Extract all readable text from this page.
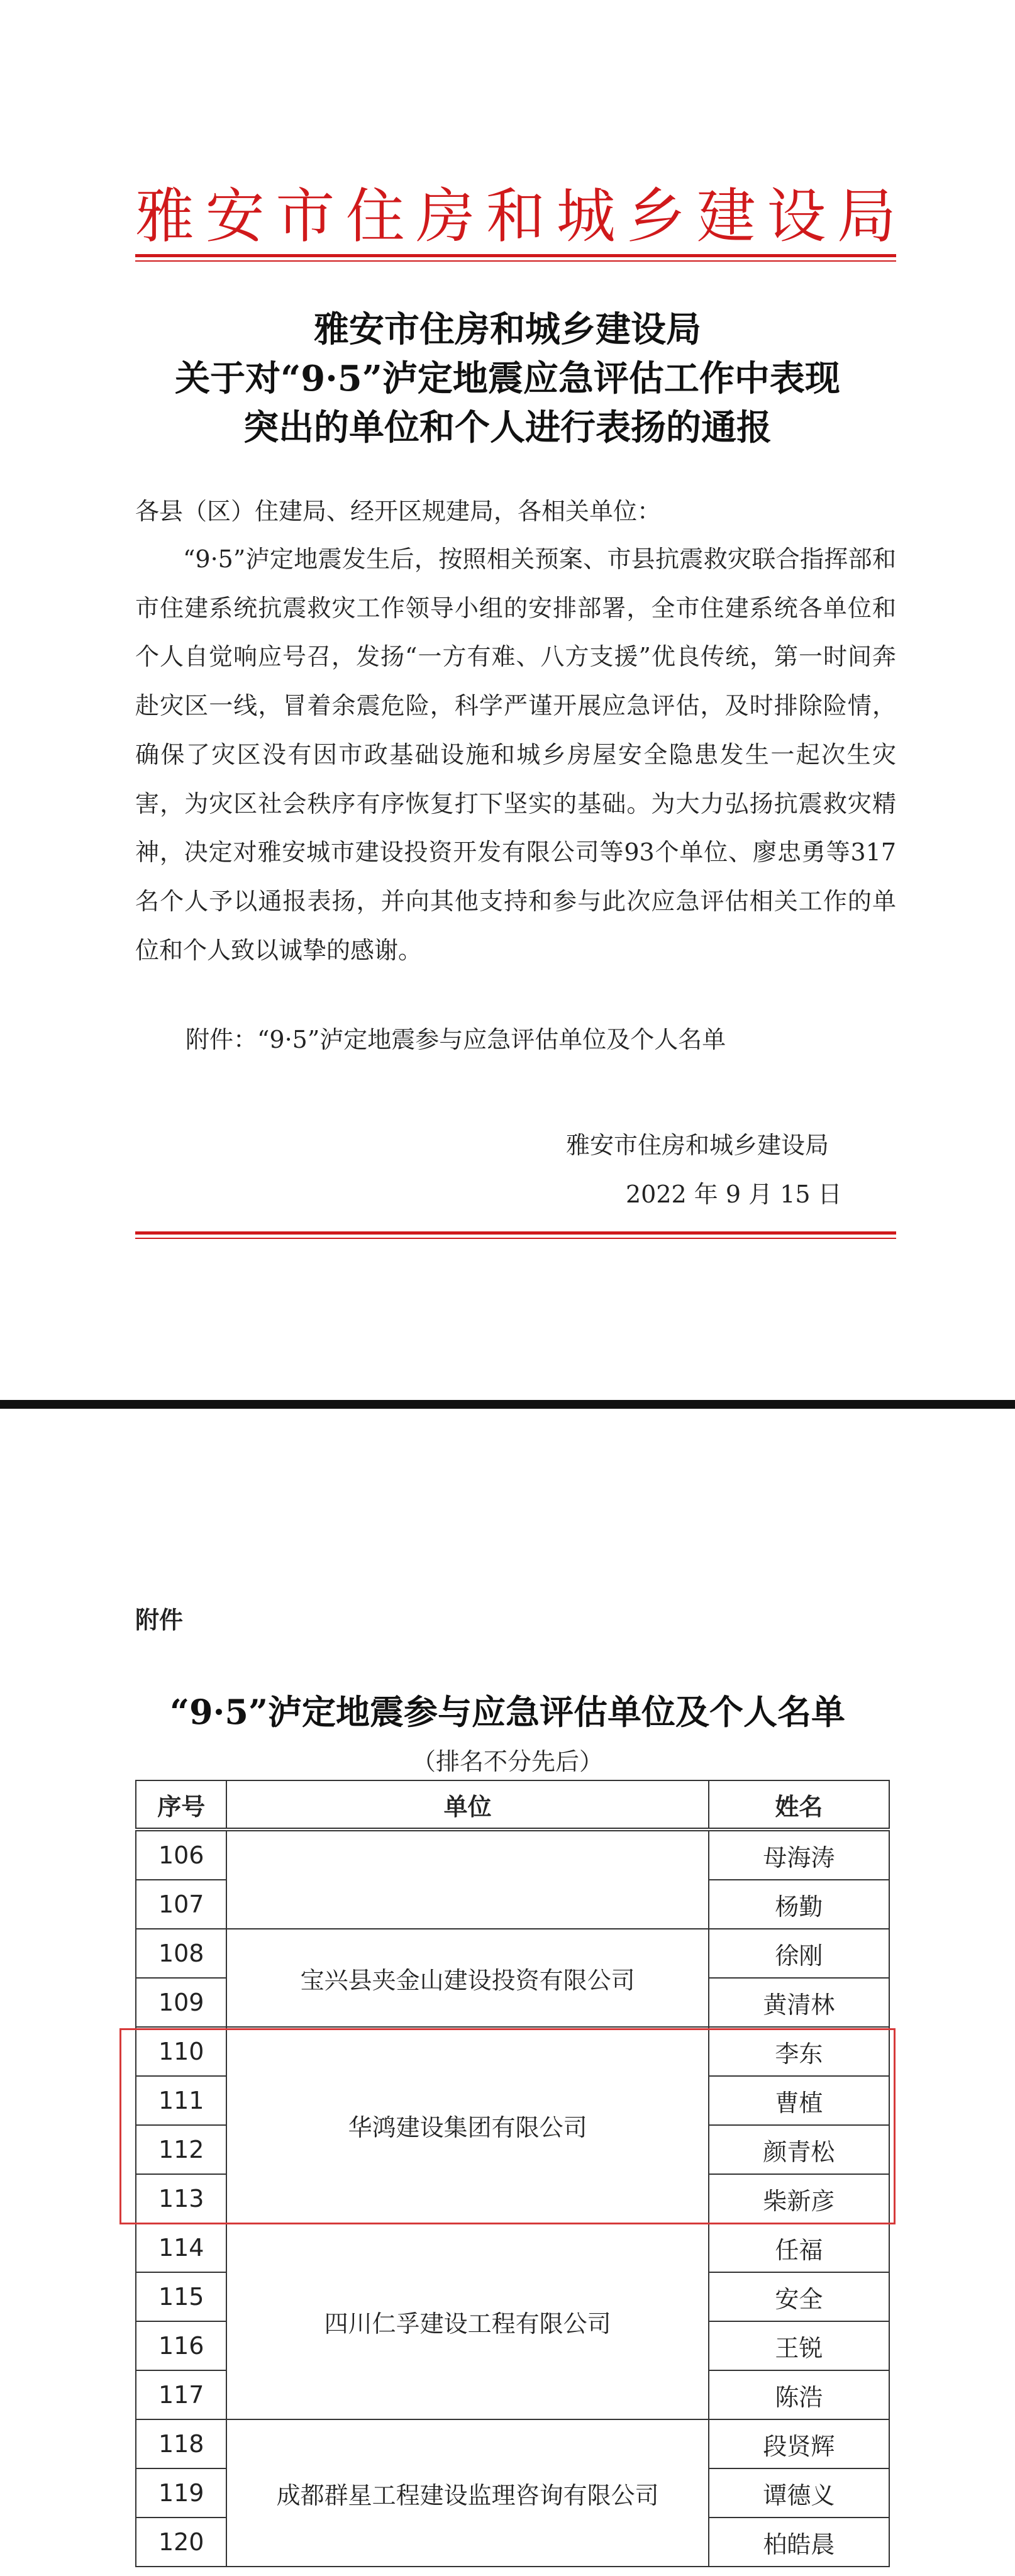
雅 安 市 住 房 和 城 乡 建 设 局
雅安市住房和城乡建设局
关于对“9·5”泸定地震应急评估工作中表现
突出的单位和个人进行表扬的通报
各县（区）住建局、经开区规建局，各相关单位：
“9·5”泸定地震发生后，按照相关预案、市县抗震救灾联合指挥部和市住建系统抗震救灾工作领导小组的安排部署，全市住建系统各单位和个人自觉响应号召，发扬“一方有难、八方支援”优良传统，第一时间奔赴灾区一线，冒着余震危险，科学严谨开展应急评估，及时排除险情，确保了灾区没有因市政基础设施和城乡房屋安全隐患发生一起次生灾害，为灾区社会秩序有序恢复打下坚实的基础。为大力弘扬抗震救灾精神，决定对雅安城市建设投资开发有限公司等93个单位、廖忠勇等317名个人予以通报表扬，并向其他支持和参与此次应急评估相关工作的单位和个人致以诚挚的感谢。
附件：“9·5”泸定地震参与应急评估单位及个人名单
雅安市住房和城乡建设局
2022 年 9 月 15 日
附件
“9·5”泸定地震参与应急评估单位及个人名单
（排名不分先后）
序号	单位	姓名
106		母海涛
107		杨勤
108	宝兴县夹金山建设投资有限公司	徐刚
109		黄清林
110	华鸿建设集团有限公司	李东
111		曹植
112		颜青松
113		柴新彦
114	四川仁孚建设工程有限公司	任福
115		安全
116		王锐
117		陈浩
118	成都群星工程建设监理咨询有限公司	段贤辉
119		谭德义
120		柏皓晨
